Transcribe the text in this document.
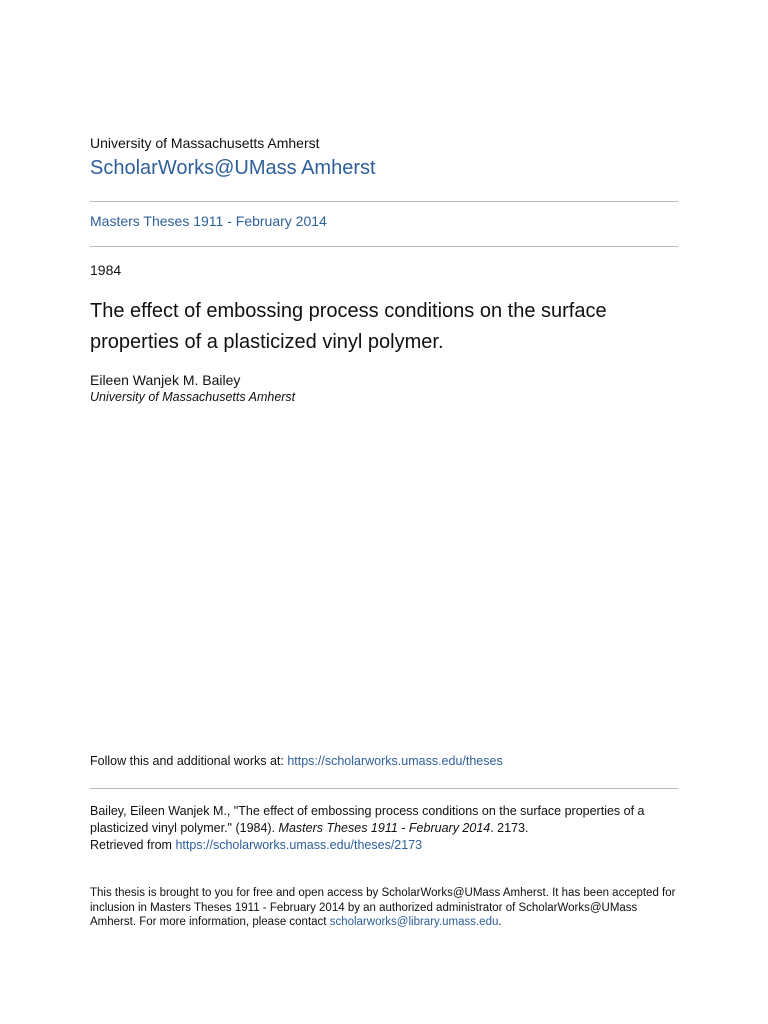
University of Massachusetts Amherst
ScholarWorks@UMass Amherst
Masters Theses 1911 - February 2014
1984
The effect of embossing process conditions on the surface properties of a plasticized vinyl polymer.
Eileen Wanjek M. Bailey
University of Massachusetts Amherst
Follow this and additional works at: https://scholarworks.umass.edu/theses
Bailey, Eileen Wanjek M., "The effect of embossing process conditions on the surface properties of a
plasticized vinyl polymer." (1984). Masters Theses 1911 - February 2014. 2173.
Retrieved from https://scholarworks.umass.edu/theses/2173
This thesis is brought to you for free and open access by ScholarWorks@UMass Amherst. It has been accepted for
inclusion in Masters Theses 1911 - February 2014 by an authorized administrator of ScholarWorks@UMass
Amherst. For more information, please contact scholarworks@library.umass.edu.
